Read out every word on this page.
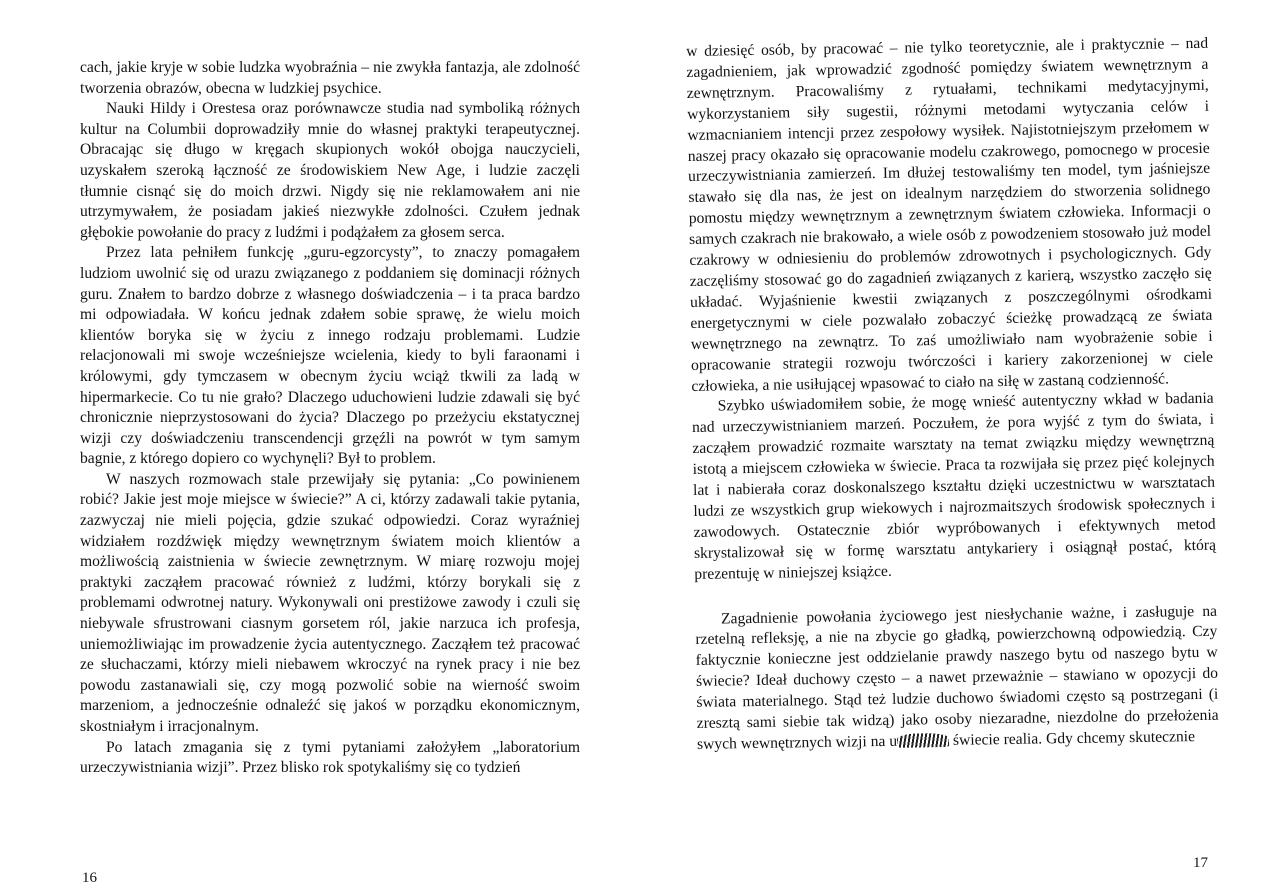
cach, jakie kryje w sobie ludzka wyobraźnia – nie zwykła fantazja, ale zdolność tworzenia obrazów, obecna w ludzkiej psychice.

Nauki Hildy i Orestesa oraz porównawcze studia nad symboliką różnych kultur na Columbii doprowadziły mnie do własnej praktyki terapeutycznej. Obracając się długo w kręgach skupionych wokół obojga nauczycieli, uzyskałem szeroką łączność ze środowiskiem New Age, i ludzie zaczęli tłumnie cisnąć się do moich drzwi. Nigdy się nie reklamowałem ani nie utrzymywałem, że posiadam jakieś niezwykłe zdolności. Czułem jednak głębokie powołanie do pracy z ludźmi i podążałem za głosem serca.

Przez lata pełniłem funkcję „guru-egzorcysty”, to znaczy pomagałem ludziom uwolnić się od urazu związanego z poddaniem się dominacji różnych guru. Znałem to bardzo dobrze z własnego doświadczenia – i ta praca bardzo mi odpowiadała. W końcu jednak zdałem sobie sprawę, że wielu moich klientów boryka się w życiu z innego rodzaju problemami. Ludzie relacjonowali mi swoje wcześniejsze wcielenia, kiedy to byli faraonami i królowymi, gdy tymczasem w obecnym życiu wciąż tkwili za ladą w hipermarkecie. Co tu nie grało? Dlaczego uduchowieni ludzie zdawali się być chronicznie nieprzystosowani do życia? Dlaczego po przeżyciu ekstatycznej wizji czy doświadczeniu transcendencji grzęźli na powrót w tym samym bagnie, z którego dopiero co wychynęli? Był to problem.

W naszych rozmowach stale przewijały się pytania: „Co powinienem robić? Jakie jest moje miejsce w świecie?” A ci, którzy zadawali takie pytania, zazwyczaj nie mieli pojęcia, gdzie szukać odpowiedzi. Coraz wyraźniej widziałem rozdźwięk między wewnętrznym światem moich klientów a możliwością zaistnienia w świecie zewnętrznym. W miarę rozwoju mojej praktyki zacząłem pracować również z ludźmi, którzy borykali się z problemami odwrotnej natury. Wykonywali oni prestiżowe zawody i czuli się niebywale sfrustrowani ciasnym gorsetem ról, jakie narzuca ich profesja, uniemożliwiając im prowadzenie życia autentycznego. Zacząłem też pracować ze słuchaczami, którzy mieli niebawem wkroczyć na rynek pracy i nie bez powodu zastanawiali się, czy mogą pozwolić sobie na wierność swoim marzeniom, a jednocześnie odnaleźć się jakoś w porządku ekonomicznym, skostniałym i irracjonalnym.

Po latach zmagania się z tymi pytaniami założyłem „laboratorium urzeczywistniania wizji”. Przez blisko rok spotykaliśmy się co tydzień

16

w dziesięć osób, by pracować – nie tylko teoretycznie, ale i praktycznie – nad zagadnieniem, jak wprowadzić zgodność pomiędzy światem wewnętrznym a zewnętrznym. Pracowaliśmy z rytuałami, technikami medytacyjnymi, wykorzystaniem siły sugestii, różnymi metodami wytyczania celów i wzmacnianiem intencji przez zespołowy wysiłek. Najistotniejszym przełomem w naszej pracy okazało się opracowanie modelu czakrowego, pomocnego w procesie urzeczywistniania zamierzeń. Im dłużej testowaliśmy ten model, tym jaśniejsze stawało się dla nas, że jest on idealnym narzędziem do stworzenia solidnego pomostu między wewnętrznym a zewnętrznym światem człowieka. Informacji o samych czakrach nie brakowało, a wiele osób z powodzeniem stosowało już model czakrowy w odniesieniu do problemów zdrowotnych i psychologicznych. Gdy zaczęliśmy stosować go do zagadnień związanych z karierą, wszystko zaczęło się układać. Wyjaśnienie kwestii związanych z poszczególnymi ośrodkami energetycznymi w ciele pozwalało zobaczyć ścieżkę prowadzącą ze świata wewnętrznego na zewnątrz. To zaś umożliwiało nam wyobrażenie sobie i opracowanie strategii rozwoju twórczości i kariery zakorzenionej w ciele człowieka, a nie usiłującej wpasować to ciało na siłę w zastaną codzienność.

Szybko uświadomiłem sobie, że mogę wnieść autentyczny wkład w badania nad urzeczywistnianiem marzeń. Poczułem, że pora wyjść z tym do świata, i zacząłem prowadzić rozmaite warsztaty na temat związku między wewnętrzną istotą a miejscem człowieka w świecie. Praca ta rozwijała się przez pięć kolejnych lat i nabierała coraz doskonalszego kształtu dzięki uczestnictwu w warsztatach ludzi ze wszystkich grup wiekowych i najrozmaitszych środowisk społecznych i zawodowych. Ostatecznie zbiór wypróbowanych i efektywnych metod skrystalizował się w formę warsztatu antykariery i osiągnął postać, którą prezentuję w niniejszej książce.

Zagadnienie powołania życiowego jest niesłychanie ważne, i zasługuje na rzetelną refleksję, a nie na zbycie go gładką, powierzchowną odpowiedzią. Czy faktycznie konieczne jest oddzielanie prawdy naszego bytu od naszego bytu w świecie? Ideał duchowy często – a nawet przeważnie – stawiano w opozycji do świata materialnego. Stąd też ludzie duchowo świadomi często są postrzegani (i zresztą sami siebie tak widzą) jako osoby niezaradne, niezdolne do przełożenia swych wewnętrznych wizji na u	świecie realia. Gdy chcemy skutecznie

17
